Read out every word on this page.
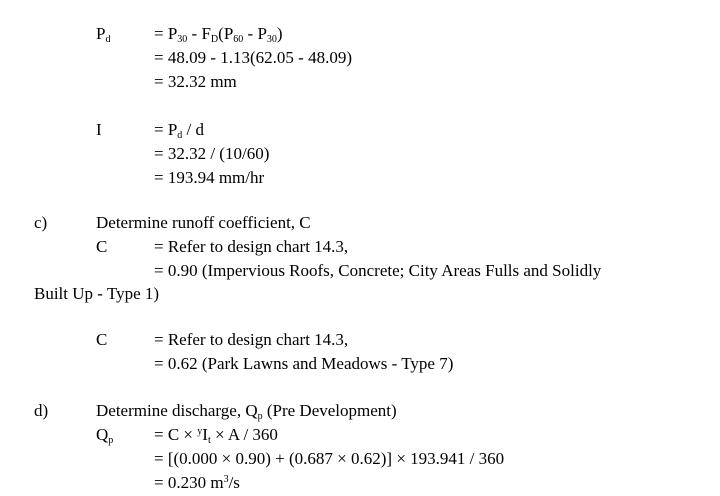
$P_d$	= $P_{30} - F_D(P_{60} - P_{30})$
= 48.09 - 1.13(62.05 - 48.09)
= 32.32 mm
I	= $P_d$ / d
= 32.32 / (10/60)
= 193.94 mm/hr
c)	Determine runoff coefficient, C
C	= Refer to design chart 14.3,
= 0.90 (Impervious Roofs, Concrete; City Areas Fulls and Solidly
Built Up - Type 1)
C	= Refer to design chart 14.3,
= 0.62 (Park Lawns and Meadows - Type 7)
d)	Determine discharge, $Q_p$ (Pre Development)
$Q_p = C \times ^yI_t \times A / 360$
= [(0.000 × 0.90) + (0.687 × 0.62)] × 193.941 / 360
= 0.230 $m^3/s$
